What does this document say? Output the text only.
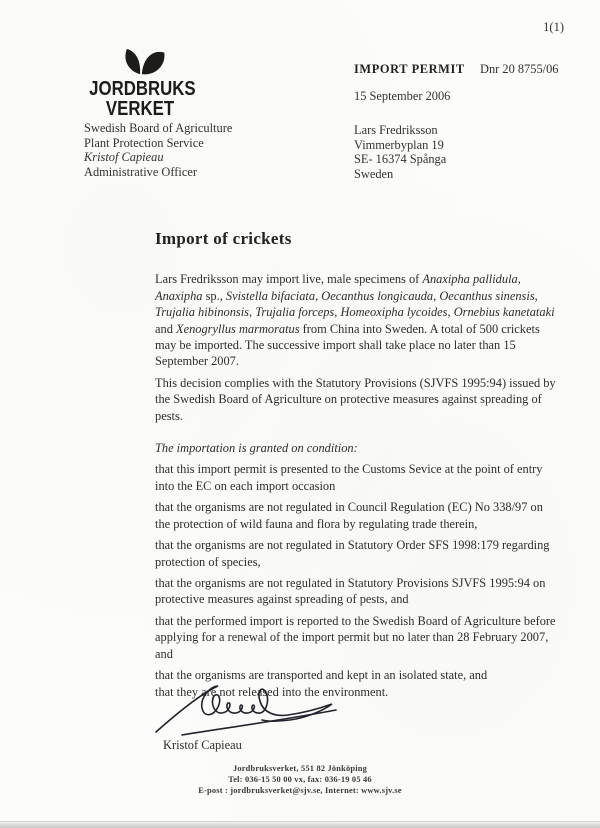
1(1)
JORDBRUKS
VERKET
Swedish Board of Agriculture
Plant Protection Service
Kristof Capieau
Administrative Officer
IMPORT PERMIT	Dnr 20 8755/06
15 September 2006
Lars Fredriksson
Vimmerbyplan 19
SE- 16374 Spånga
Sweden
Import of crickets

Lars Fredriksson may import live, male specimens of Anaxipha pallidula, Anaxipha sp., Svistella bifaciata, Oecanthus longicauda, Oecanthus sinensis, Trujalia hibinonsis, Trujalia forceps, Homeoxipha lycoides, Ornebius kanetataki and Xenogryllus marmoratus from China into Sweden. A total of 500 crickets may be imported. The successive import shall take place no later than 15 September 2007.

This decision complies with the Statutory Provisions (SJVFS 1995:94) issued by the Swedish Board of Agriculture on protective measures against spreading of pests.

The importation is granted on condition:

that this import permit is presented to the Customs Sevice at the point of entry into the EC on each import occasion

that the organisms are not regulated in Council Regulation (EC) No 338/97 on the protection of wild fauna and flora by regulating trade therein,

that the organisms are not regulated in Statutory Order SFS 1998:179 regarding protection of species,

that the organisms are not regulated in Statutory Provisions SJVFS 1995:94 on protective measures against spreading of pests, and

that the performed import is reported to the Swedish Board of Agriculture before applying for a renewal of the import permit but no later than 28 February 2007, and

that the organisms are transported and kept in an isolated state, and

that they are not released into the environment.

Kristof Capieau
Jordbruksverket, 551 82 Jönköping
Tel: 036-15 50 00 vx, fax: 036-19 05 46
E-post : jordbruksverket@sjv.se, Internet: www.sjv.se
